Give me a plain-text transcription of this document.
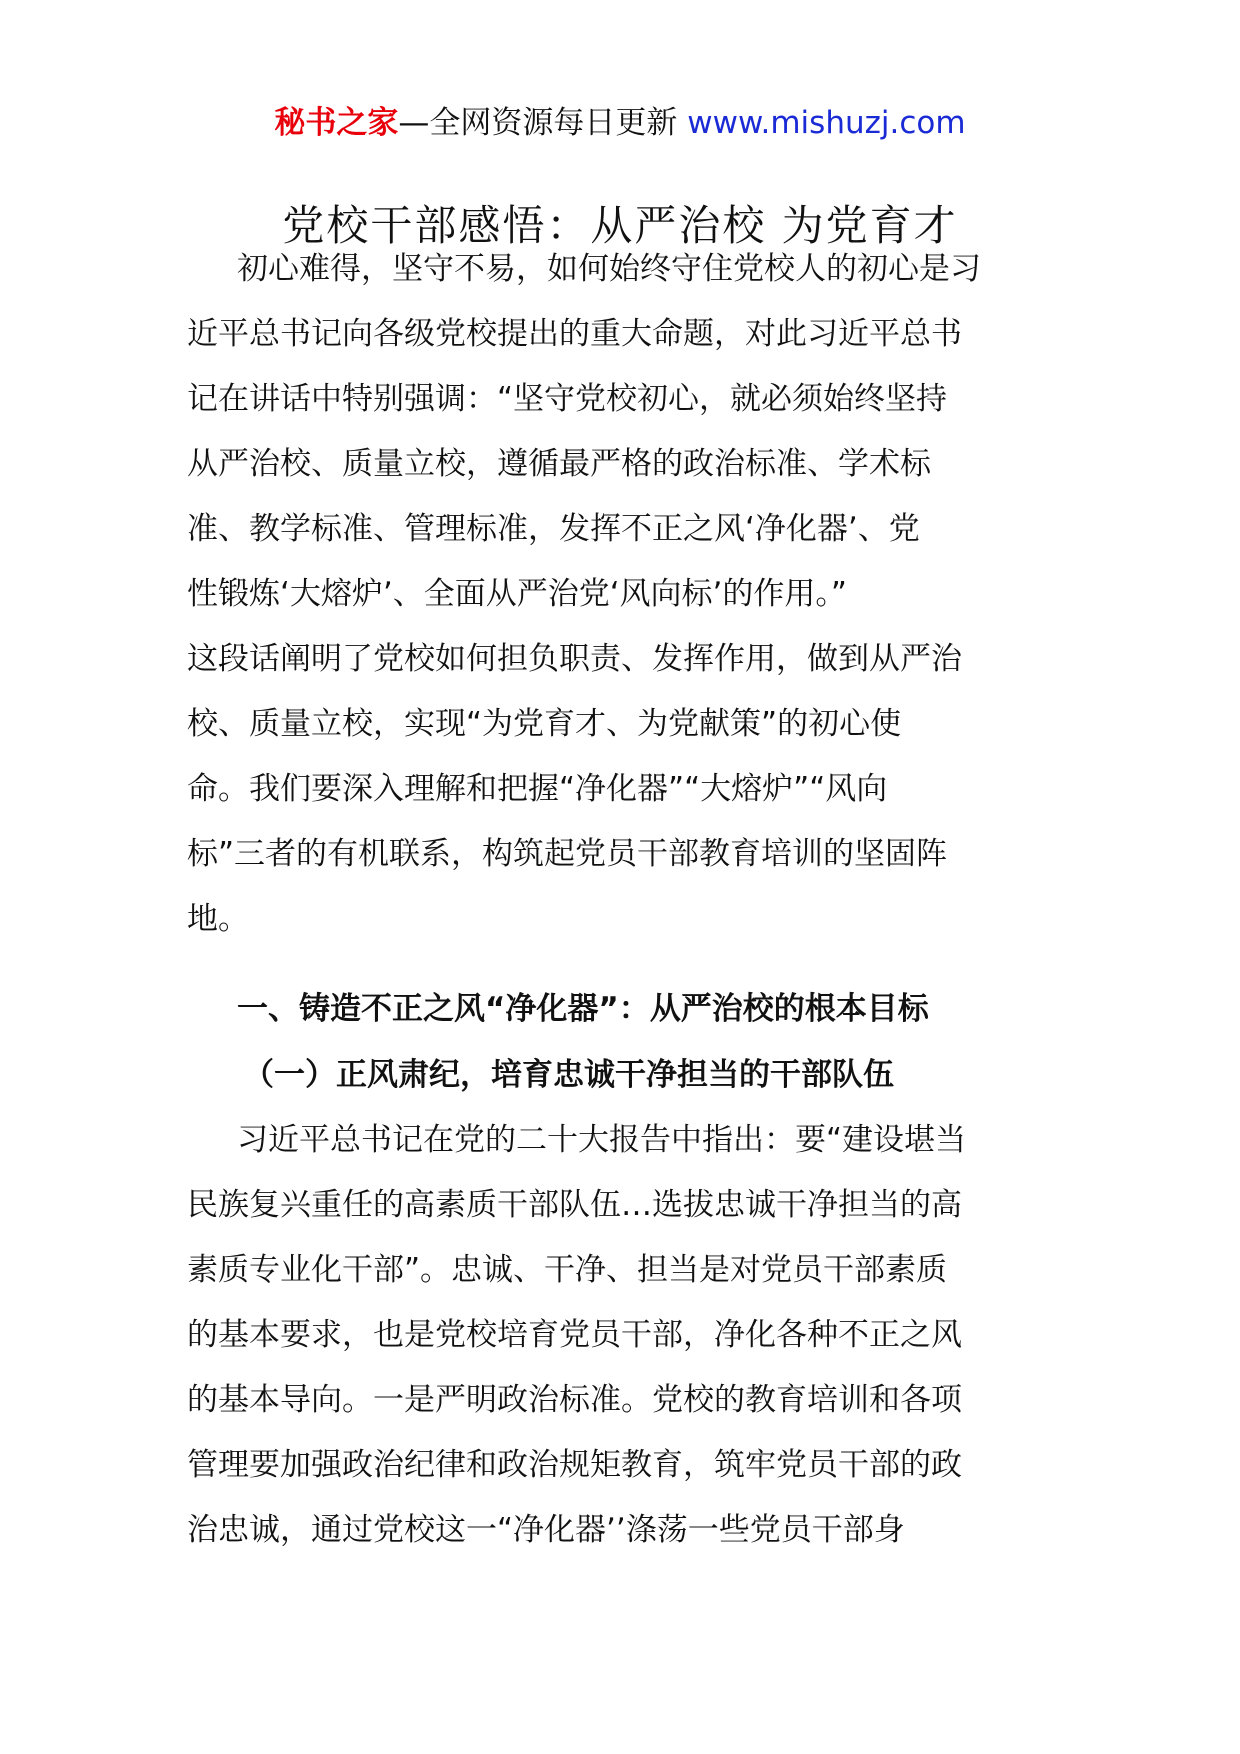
秘书之家—全网资源每日更新 www.mishuzj.com
党校干部感悟：从严治校 为党育才
初心难得，坚守不易，如何始终守住党校人的初心是习
近平总书记向各级党校提出的重大命题，对此习近平总书
记在讲话中特别强调：“坚守党校初心，就必须始终坚持
从严治校、质量立校，遵循最严格的政治标准、学术标
准、教学标准、管理标准，发挥不正之风‘净化器’、党
性锻炼‘大熔炉’、全面从严治党‘风向标’的作用。”
这段话阐明了党校如何担负职责、发挥作用，做到从严治
校、质量立校，实现“为党育才、为党献策”的初心使
命。我们要深入理解和把握“净化器”“大熔炉”“风向
标”三者的有机联系，构筑起党员干部教育培训的坚固阵
地。
一、铸造不正之风“净化器”：从严治校的根本目标
（一）正风肃纪，培育忠诚干净担当的干部队伍
习近平总书记在党的二十大报告中指出：要“建设堪当
民族复兴重任的高素质干部队伍…选拔忠诚干净担当的高
素质专业化干部”。忠诚、干净、担当是对党员干部素质
的基本要求，也是党校培育党员干部，净化各种不正之风
的基本导向。一是严明政治标准。党校的教育培训和各项
管理要加强政治纪律和政治规矩教育，筑牢党员干部的政
治忠诚，通过党校这一“净化器’’涤荡一些党员干部身
